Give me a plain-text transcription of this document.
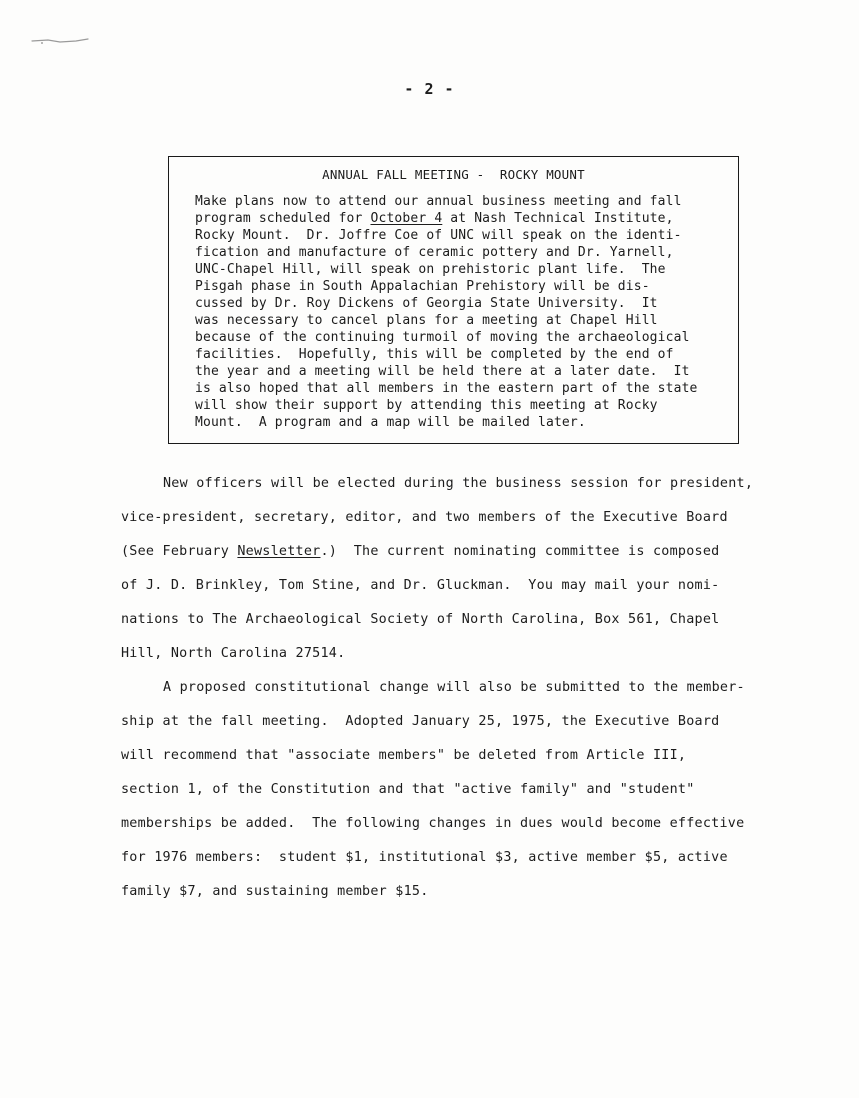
- 2 -
ANNUAL FALL MEETING -  ROCKY MOUNT
Make plans now to attend our annual business meeting and fall
program scheduled for October 4 at Nash Technical Institute,
Rocky Mount.  Dr. Joffre Coe of UNC will speak on the identi-
fication and manufacture of ceramic pottery and Dr. Yarnell,
UNC-Chapel Hill, will speak on prehistoric plant life.  The
Pisgah phase in South Appalachian Prehistory will be dis-
cussed by Dr. Roy Dickens of Georgia State University.  It
was necessary to cancel plans for a meeting at Chapel Hill
because of the continuing turmoil of moving the archaeological
facilities.  Hopefully, this will be completed by the end of
the year and a meeting will be held there at a later date.  It
is also hoped that all members in the eastern part of the state
will show their support by attending this meeting at Rocky
Mount.  A program and a map will be mailed later.
New officers will be elected during the business session for president,
vice-president, secretary, editor, and two members of the Executive Board
(See February Newsletter.)  The current nominating committee is composed
of J. D. Brinkley, Tom Stine, and Dr. Gluckman.  You may mail your nomi-
nations to The Archaeological Society of North Carolina, Box 561, Chapel
Hill, North Carolina 27514.
A proposed constitutional change will also be submitted to the member-
ship at the fall meeting.  Adopted January 25, 1975, the Executive Board
will recommend that "associate members" be deleted from Article III,
section 1, of the Constitution and that "active family" and "student"
memberships be added.  The following changes in dues would become effective
for 1976 members:  student $1, institutional $3, active member $5, active
family $7, and sustaining member $15.
